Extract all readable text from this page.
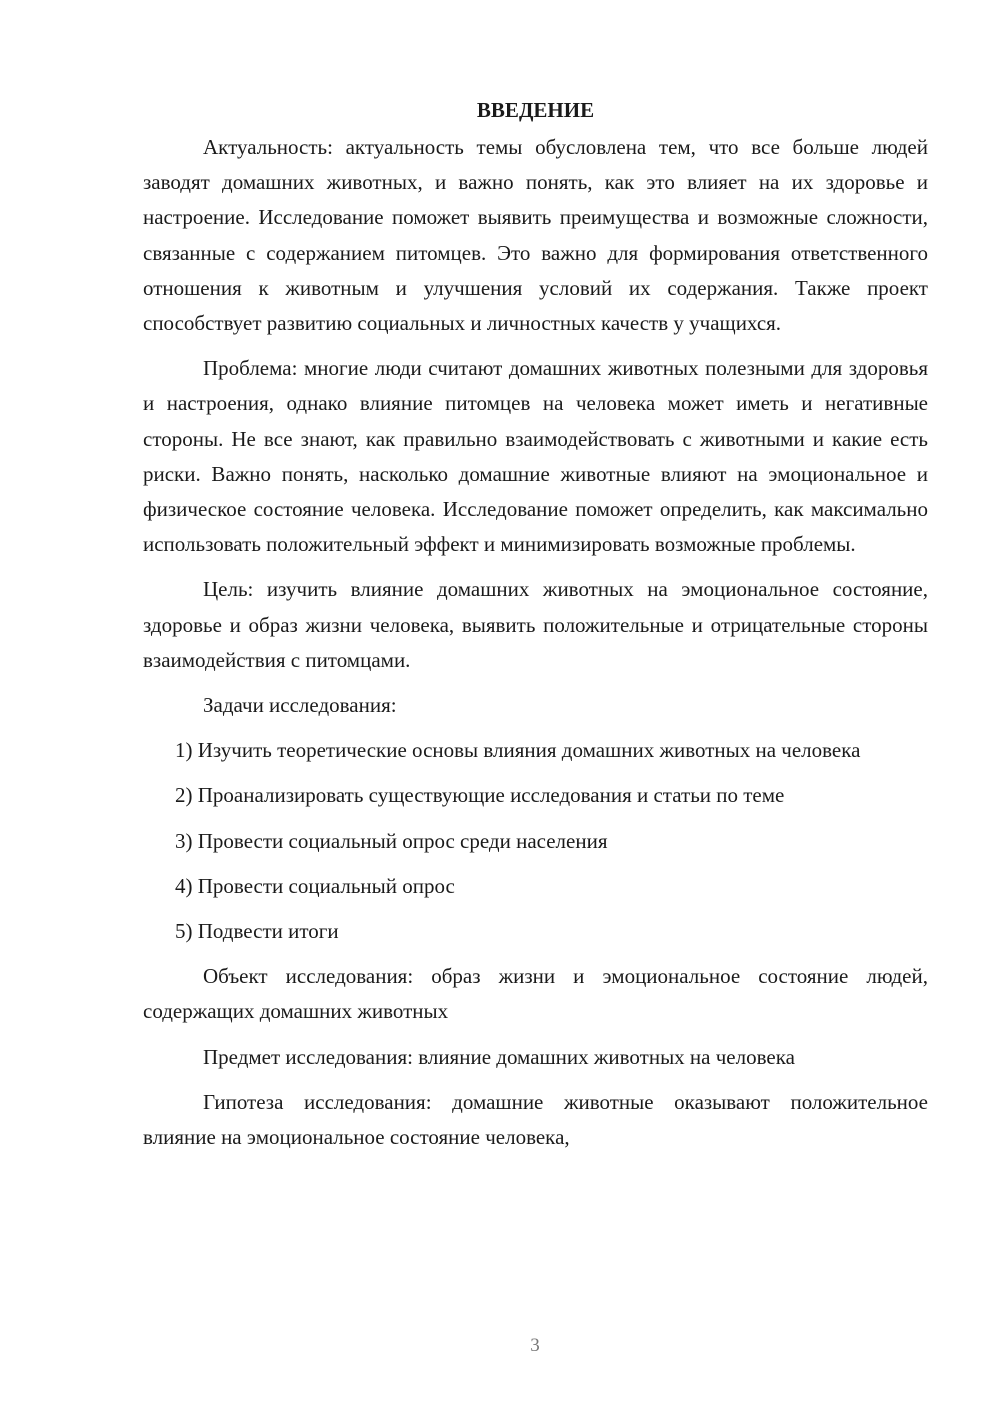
ВВЕДЕНИЕ

Актуальность: актуальность темы обусловлена тем, что все больше людей заводят домашних животных, и важно понять, как это влияет на их здоровье и настроение. Исследование поможет выявить преимущества и возможные сложности, связанные с содержанием питомцев. Это важно для формирования ответственного отношения к животным и улучшения условий их содержания. Также проект способствует развитию социальных и личностных качеств у учащихся.

Проблема: многие люди считают домашних животных полезными для здоровья и настроения, однако влияние питомцев на человека может иметь и негативные стороны. Не все знают, как правильно взаимодействовать с животными и какие есть риски. Важно понять, насколько домашние животные влияют на эмоциональное и физическое состояние человека. Исследование поможет определить, как максимально использовать положительный эффект и минимизировать возможные проблемы.

Цель: изучить влияние домашних животных на эмоциональное состояние, здоровье и образ жизни человека, выявить положительные и отрицательные стороны взаимодействия с питомцами.

Задачи исследования:

1) Изучить теоретические основы влияния домашних животных на человека

2) Проанализировать существующие исследования и статьи по теме

3) Провести социальный опрос среди населения

4) Провести социальный опрос

5) Подвести итоги

Объект исследования: образ жизни и эмоциональное состояние людей, содержащих домашних животных

Предмет исследования: влияние домашних животных на человека

Гипотеза исследования: домашние животные оказывают положительное влияние на эмоциональное состояние человека,

3
